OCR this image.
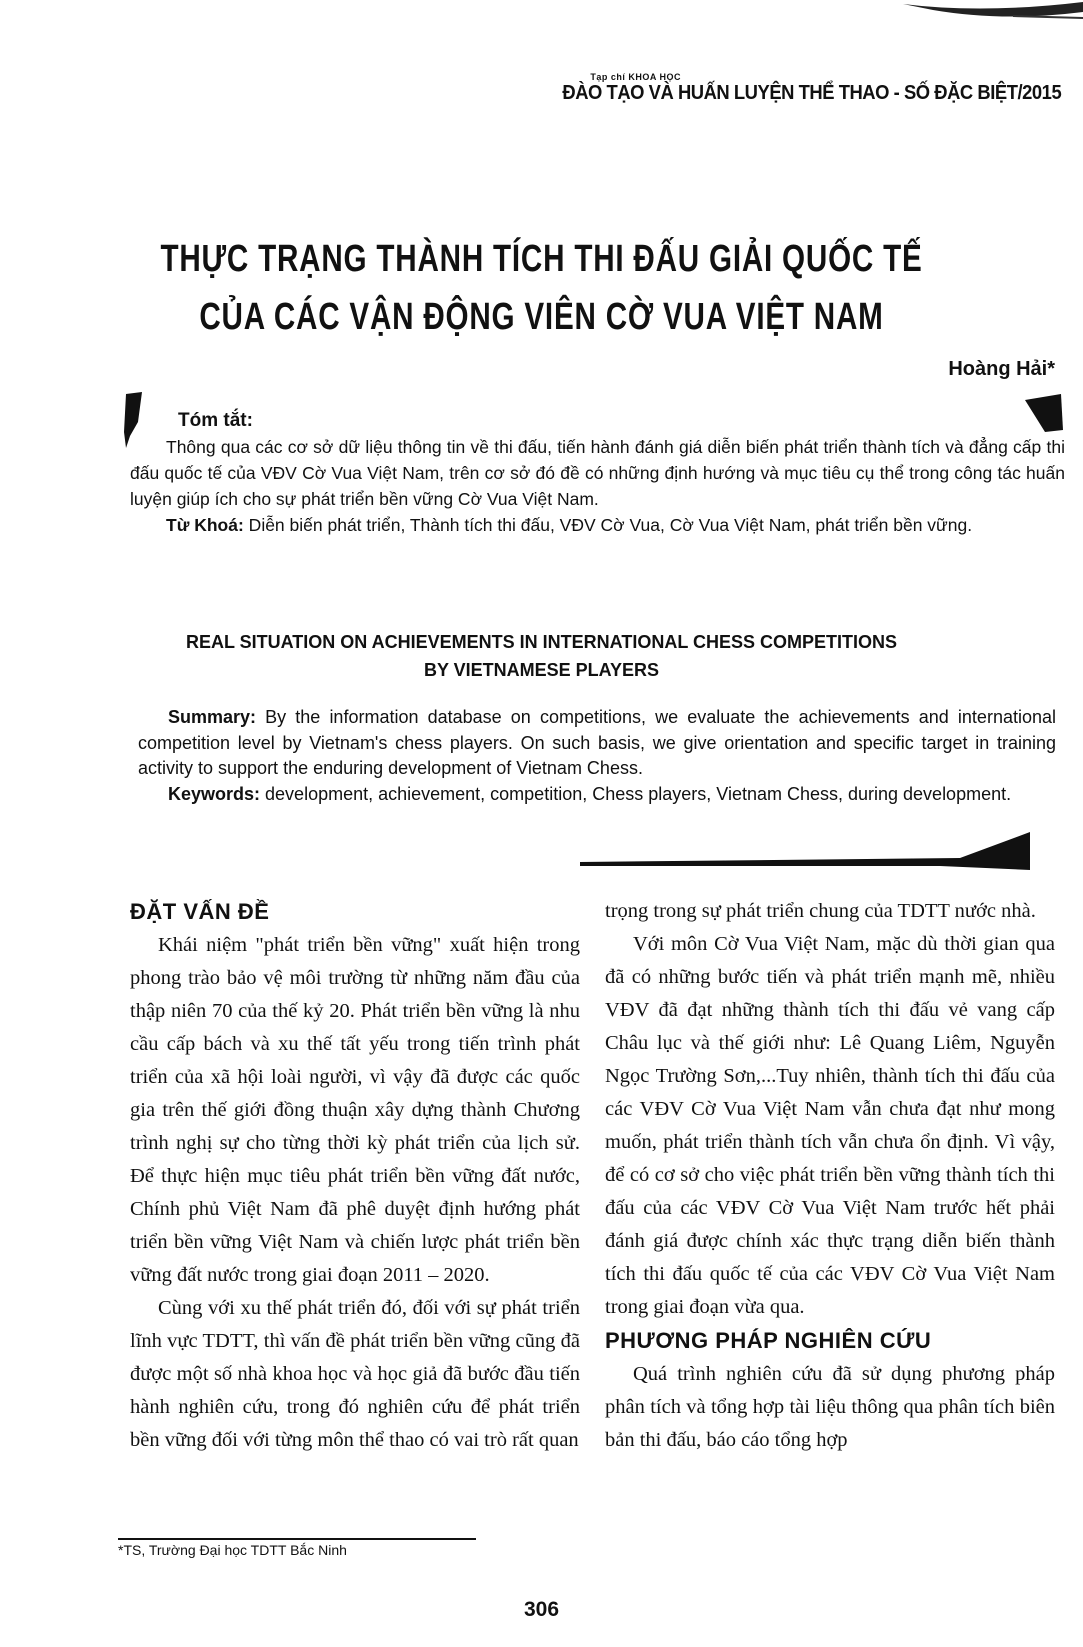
Tạp chí KHOA HỌC
ĐÀO TẠO VÀ HUẤN LUYỆN THỂ THAO - SỐ ĐẶC BIỆT/2015
THỰC TRẠNG THÀNH TÍCH THI ĐẤU GIẢI QUỐC TẾ
CỦA CÁC VẬN ĐỘNG VIÊN CỜ VUA VIỆT NAM
Hoàng Hải*
Tóm tắt:

Thông qua các cơ sở dữ liệu thông tin về thi đấu, tiến hành đánh giá diễn biến phát triển thành tích và đẳng cấp thi đấu quốc tế của VĐV Cờ Vua Việt Nam, trên cơ sở đó đề có những định hướng và mục tiêu cụ thể trong công tác huấn luyện giúp ích cho sự phát triển bền vững Cờ Vua Việt Nam.

Từ Khoá: Diễn biến phát triển, Thành tích thi đấu, VĐV Cờ Vua, Cờ Vua Việt Nam, phát triển bền vững.

REAL SITUATION ON ACHIEVEMENTS IN INTERNATIONAL CHESS COMPETITIONS
BY VIETNAMESE PLAYERS

Summary: By the information database on competitions, we evaluate the achievements and international competition level by Vietnam's chess players. On such basis, we give orientation and specific target in training activity to support the enduring development of Vietnam Chess.

Keywords: development, achievement, competition, Chess players, Vietnam Chess, during development.

ĐẶT VẤN ĐỀ

Khái niệm "phát triển bền vững" xuất hiện trong phong trào bảo vệ môi trường từ những năm đầu của thập niên 70 của thế kỷ 20. Phát triển bền vững là nhu cầu cấp bách và xu thế tất yếu trong tiến trình phát triển của xã hội loài người, vì vậy đã được các quốc gia trên thế giới đồng thuận xây dựng thành Chương trình nghị sự cho từng thời kỳ phát triển của lịch sử. Để thực hiện mục tiêu phát triển bền vững đất nước, Chính phủ Việt Nam đã phê duyệt định hướng phát triển bền vững Việt Nam và chiến lược phát triển bền vững đất nước trong giai đoạn 2011 – 2020.

Cùng với xu thế phát triển đó, đối với sự phát triển lĩnh vực TDTT, thì vấn đề phát triển bền vững cũng đã được một số nhà khoa học và học giả đã bước đầu tiến hành nghiên cứu, trong đó nghiên cứu để phát triển bền vững đối với từng môn thể thao có vai trò rất quan

trọng trong sự phát triển chung của TDTT nước nhà.

Với môn Cờ Vua Việt Nam, mặc dù thời gian qua đã có những bước tiến và phát triển mạnh mẽ, nhiều VĐV đã đạt những thành tích thi đấu vẻ vang cấp Châu lục và thế giới như: Lê Quang Liêm, Nguyễn Ngọc Trường Sơn,...Tuy nhiên, thành tích thi đấu của các VĐV Cờ Vua Việt Nam vẫn chưa đạt như mong muốn, phát triển thành tích vẫn chưa ổn định. Vì vậy, để có cơ sở cho việc phát triển bền vững thành tích thi đấu của các VĐV Cờ Vua Việt Nam trước hết phải đánh giá được chính xác thực trạng diễn biến thành tích thi đấu quốc tế của các VĐV Cờ Vua Việt Nam trong giai đoạn vừa qua.

PHƯƠNG PHÁP NGHIÊN CỨU

Quá trình nghiên cứu đã sử dụng phương pháp phân tích và tổng hợp tài liệu thông qua phân tích biên bản thi đấu, báo cáo tổng hợp

*TS, Trường Đại học TDTT Bắc Ninh
306
